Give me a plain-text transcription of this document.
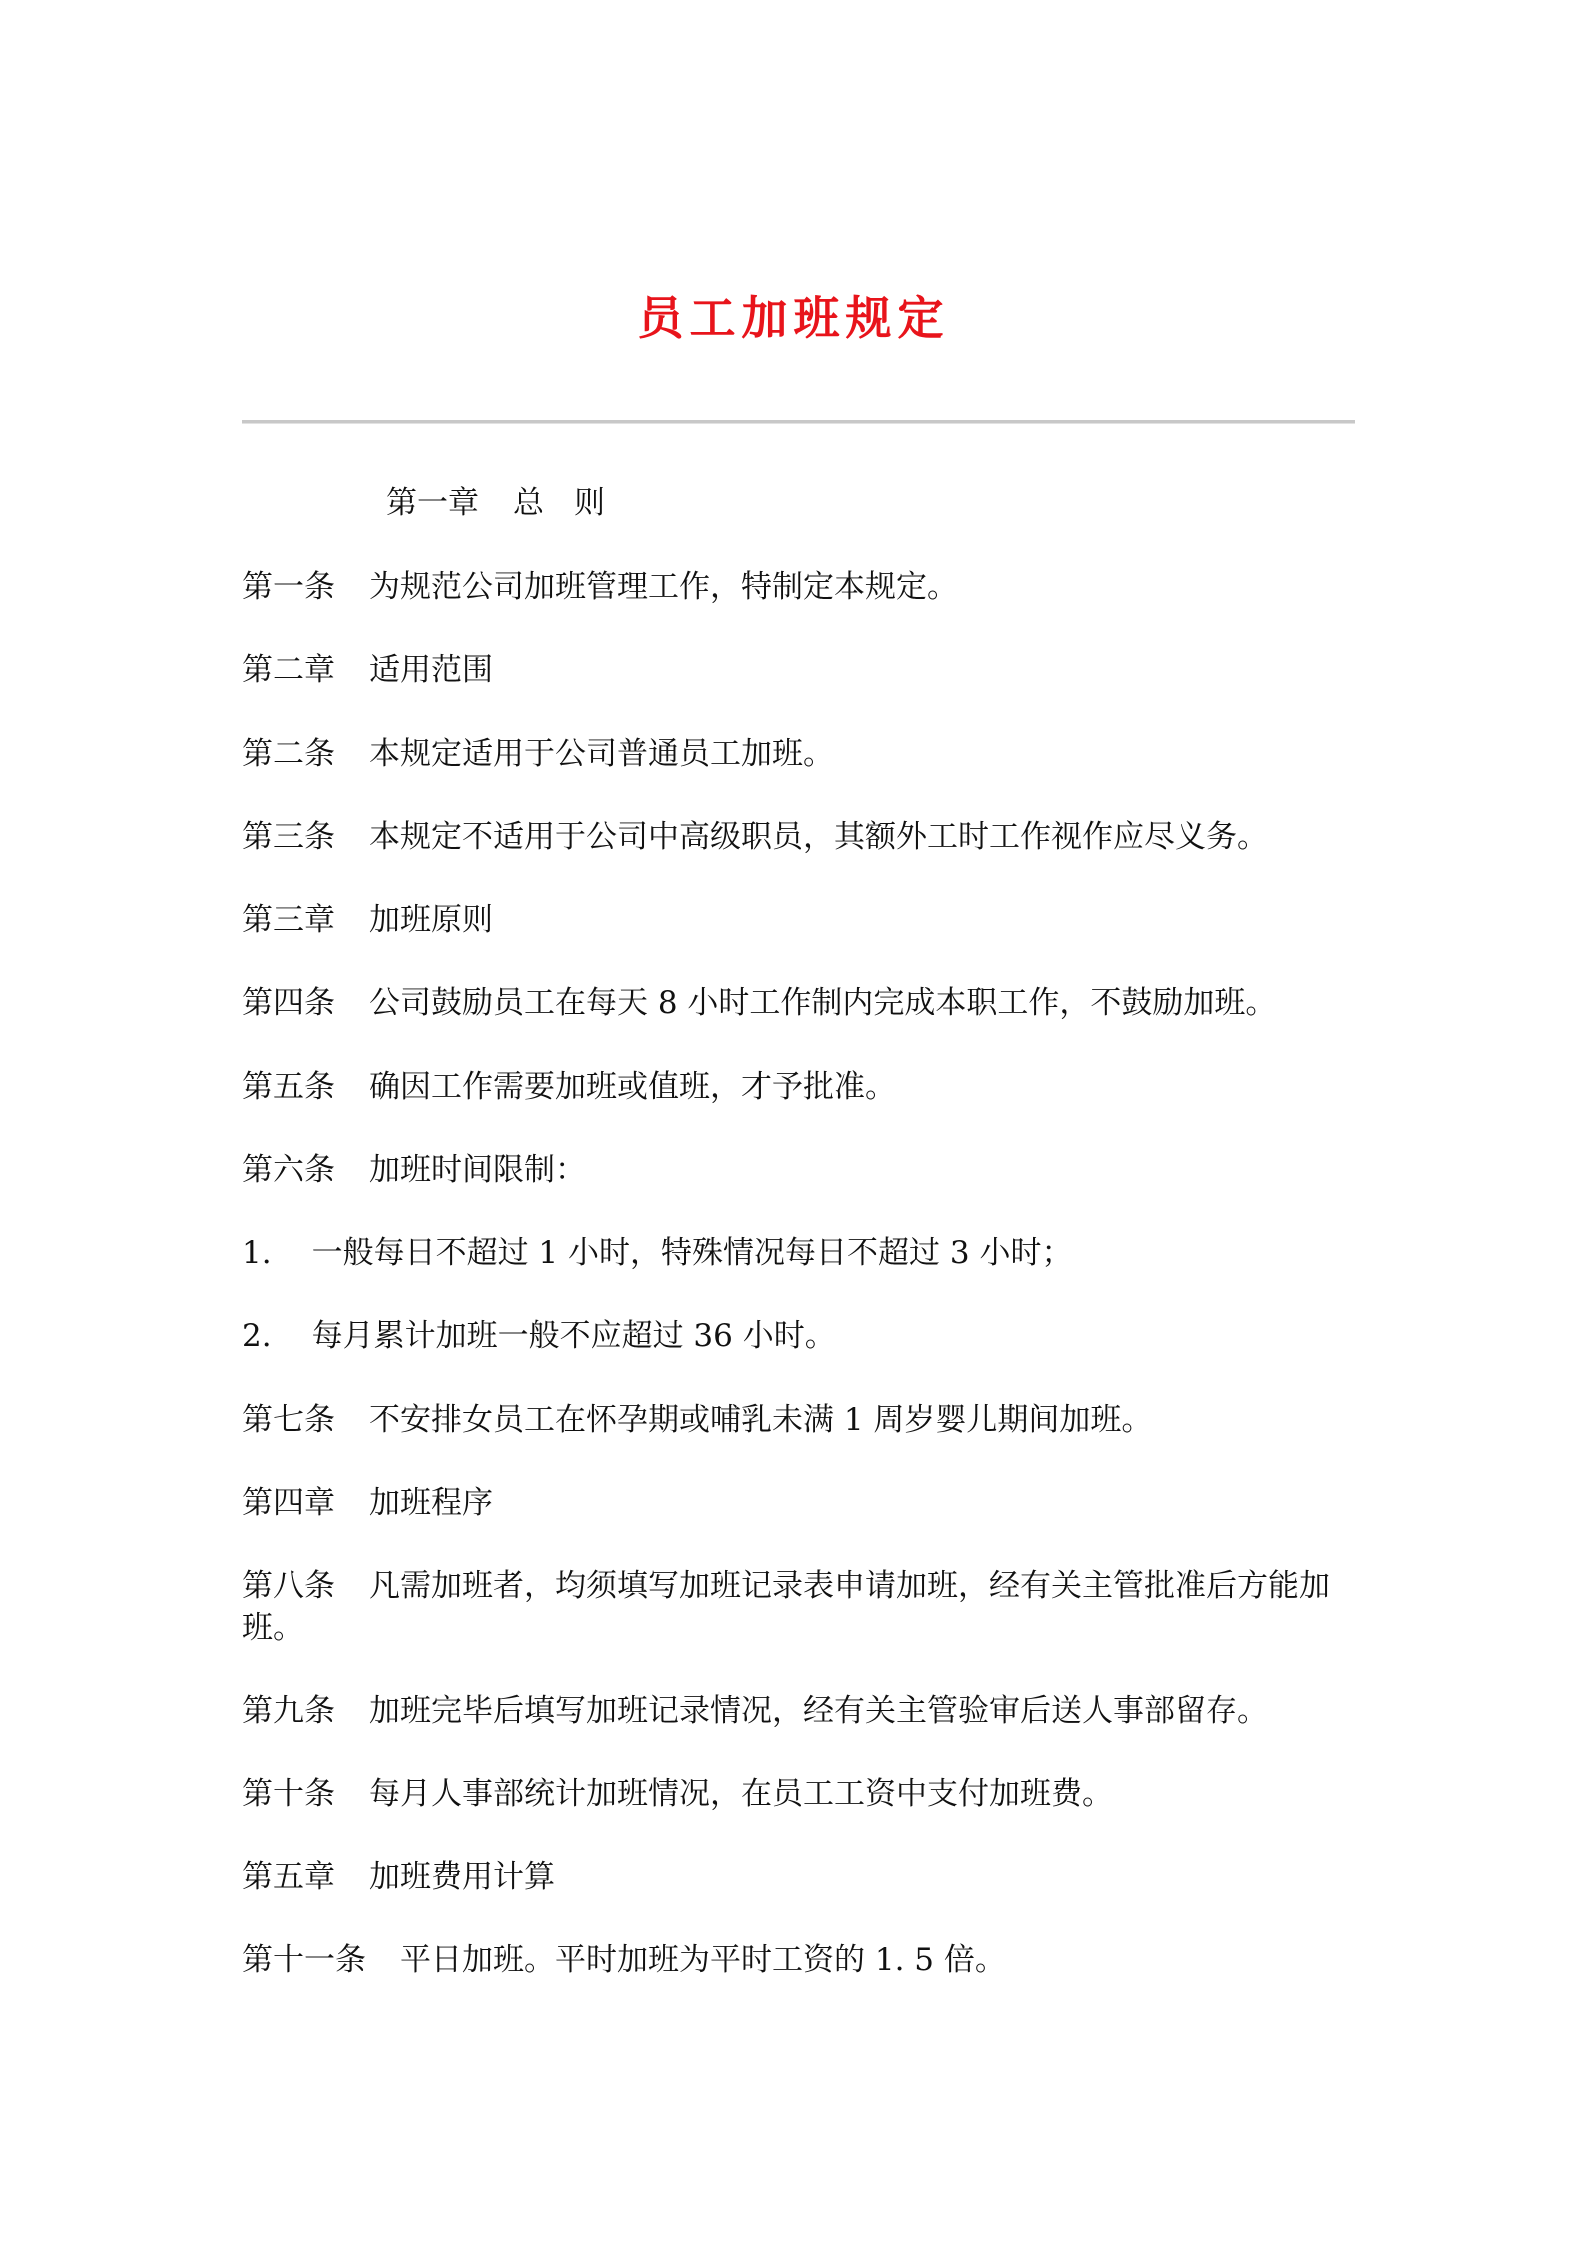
员工加班规定
第一章 总 则
第一条 为规范公司加班管理工作，特制定本规定。
第二章 适用范围
第二条 本规定适用于公司普通员工加班。
第三条 本规定不适用于公司中高级职员，其额外工时工作视作应尽义务。
第三章 加班原则
第四条 公司鼓励员工在每天 8 小时工作制内完成本职工作，不鼓励加班。
第五条 确因工作需要加班或值班，才予批准。
第六条 加班时间限制：
1. 一般每日不超过 1 小时，特殊情况每日不超过 3 小时；
2. 每月累计加班一般不应超过 36 小时。
第七条 不安排女员工在怀孕期或哺乳未满 1 周岁婴儿期间加班。
第四章 加班程序
第八条 凡需加班者，均须填写加班记录表申请加班，经有关主管批准后方能加班。
第九条 加班完毕后填写加班记录情况，经有关主管验审后送人事部留存。
第十条 每月人事部统计加班情况，在员工工资中支付加班费。
第五章 加班费用计算
第十一条 平日加班。平时加班为平时工资的 1. 5 倍。
